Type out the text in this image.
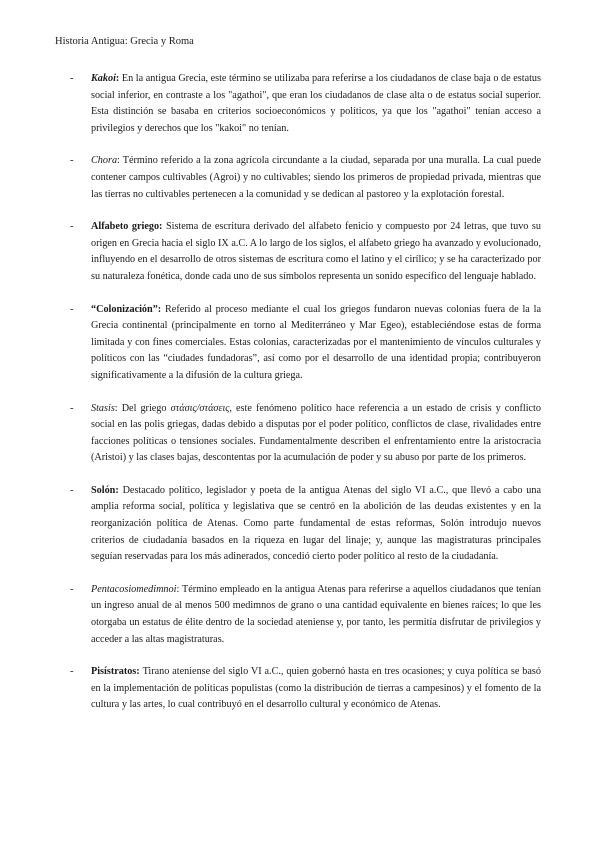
Historia Antigua: Grecia y Roma
- Kakoi: En la antigua Grecia, este término se utilizaba para referirse a los ciudadanos de clase baja o de estatus social inferior, en contraste a los "agathoi", que eran los ciudadanos de clase alta o de estatus social superior. Esta distinción se basaba en criterios socioeconómicos y políticos, ya que los "agathoi" tenían acceso a privilegios y derechos que los "kakoi" no tenían.
- Chora: Término referido a la zona agrícola circundante a la ciudad, separada por una muralla. La cual puede contener campos cultivables (Agroi) y no cultivables; siendo los primeros de propiedad privada, mientras que las tierras no cultivables pertenecen a la comunidad y se dedican al pastoreo y la explotación forestal.
- Alfabeto griego: Sistema de escritura derivado del alfabeto fenicio y compuesto por 24 letras, que tuvo su origen en Grecia hacia el siglo IX a.C. A lo largo de los siglos, el alfabeto griego ha avanzado y evolucionado, influyendo en el desarrollo de otros sistemas de escritura como el latino y el cirílico; y se ha caracterizado por su naturaleza fonética, donde cada uno de sus símbolos representa un sonido específico del lenguaje hablado.
- “Colonización”: Referido al proceso mediante el cual los griegos fundaron nuevas colonias fuera de la la Grecia continental (principalmente en torno al Mediterráneo y Mar Egeo), estableciéndose estas de forma limitada y con fines comerciales. Estas colonias, caracterizadas por el mantenimiento de vínculos culturales y políticos con las “ciudades fundadoras”, así como por el desarrollo de una identidad propia; contribuyeron significativamente a la difusión de la cultura griega.
- Stasis: Del griego στάσις/στάσεις, este fenómeno político hace referencia a un estado de crisis y conflicto social en las polis griegas, dadas debido a disputas por el poder político, conflictos de clase, rivalidades entre facciones políticas o tensiones sociales. Fundamentalmente describen el enfrentamiento entre la aristocracia (Aristoi) y las clases bajas, descontentas por la acumulación de poder y su abuso por parte de los primeros.
- Solón: Destacado político, legislador y poeta de la antigua Atenas del siglo VI a.C., que llevó a cabo una amplia reforma social, política y legislativa que se centró en la abolición de las deudas existentes y en la reorganización política de Atenas. Como parte fundamental de estas reformas, Solón introdujo nuevos criterios de ciudadanía basados en la riqueza en lugar del linaje; y, aunque las magistraturas principales seguían reservadas para los más adinerados, concedió cierto poder político al resto de la ciudadanía.
- Pentacosiomedimnoi: Término empleado en la antigua Atenas para referirse a aquellos ciudadanos que tenían un ingreso anual de al menos 500 medimnos de grano o una cantidad equivalente en bienes raíces; lo que les otorgaba un estatus de élite dentro de la sociedad ateniense y, por tanto, les permitía disfrutar de privilegios y acceder a las altas magistraturas.
- Pisístratos: Tirano ateniense del siglo VI a.C., quien gobernó hasta en tres ocasiones; y cuya política se basó en la implementación de políticas populistas (como la distribución de tierras a campesinos) y el fomento de la cultura y las artes, lo cual contribuyó en el desarrollo cultural y económico de Atenas.
